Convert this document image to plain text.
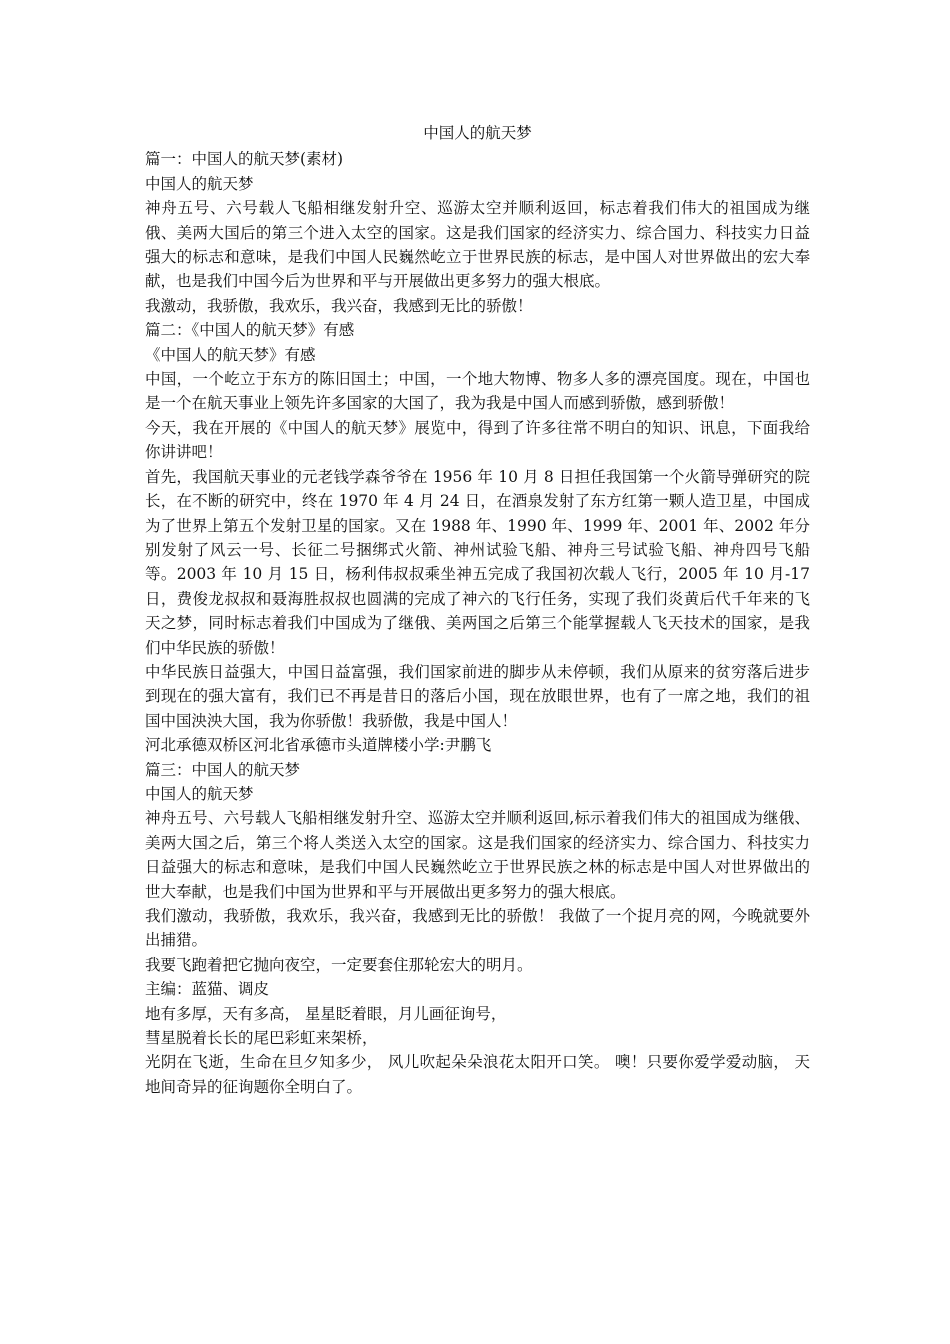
中国人的航天梦

篇一：中国人的航天梦(素材)

中国人的航天梦

神舟五号、六号载人飞船相继发射升空、巡游太空并顺利返回，标志着我们伟大的祖国成为继俄、美两大国后的第三个进入太空的国家。这是我们国家的经济实力、综合国力、科技实力日益强大的标志和意味，是我们中国人民巍然屹立于世界民族的标志，是中国人对世界做出的宏大奉献，也是我们中国今后为世界和平与开展做出更多努力的强大根底。

我激动，我骄傲，我欢乐，我兴奋，我感到无比的骄傲！

篇二：《中国人的航天梦》有感

《中国人的航天梦》有感

中国，一个屹立于东方的陈旧国土；中国，一个地大物博、物多人多的漂亮国度。现在，中国也是一个在航天事业上领先许多国家的大国了，我为我是中国人而感到骄傲，感到骄傲！

今天，我在开展的《中国人的航天梦》展览中，得到了许多往常不明白的知识、讯息，下面我给你讲讲吧！

首先，我国航天事业的元老钱学森爷爷在 1956 年 10 月 8 日担任我国第一个火箭导弹研究的院长，在不断的研究中，终在 1970 年 4 月 24 日，在酒泉发射了东方红第一颗人造卫星，中国成为了世界上第五个发射卫星的国家。又在 1988 年、1990 年、1999 年、2001 年、2002 年分别发射了风云一号、长征二号捆绑式火箭、神州试验飞船、神舟三号试验飞船、神舟四号飞船等。2003 年 10 月 15 日，杨利伟叔叔乘坐神五完成了我国初次载人飞行，2005 年 10 月-17 日，费俊龙叔叔和聂海胜叔叔也圆满的完成了神六的飞行任务，实现了我们炎黄后代千年来的飞天之梦，同时标志着我们中国成为了继俄、美两国之后第三个能掌握载人飞天技术的国家，是我们中华民族的骄傲！

中华民族日益强大，中国日益富强，我们国家前进的脚步从未停顿，我们从原来的贫穷落后进步到现在的强大富有，我们已不再是昔日的落后小国，现在放眼世界，也有了一席之地，我们的祖国中国泱泱大国，我为你骄傲！我骄傲，我是中国人！

河北承德双桥区河北省承德市头道牌楼小学:尹鹏飞

篇三：中国人的航天梦

中国人的航天梦

神舟五号、六号载人飞船相继发射升空、巡游太空并顺利返回,标示着我们伟大的祖国成为继俄、美两大国之后，第三个将人类送入太空的国家。这是我们国家的经济实力、综合国力、科技实力日益强大的标志和意味，是我们中国人民巍然屹立于世界民族之林的标志是中国人对世界做出的世大奉献，也是我们中国为世界和平与开展做出更多努力的强大根底。

我们激动，我骄傲，我欢乐，我兴奋，我感到无比的骄傲！ 我做了一个捉月亮的网，今晚就要外出捕猎。

我要飞跑着把它抛向夜空，一定要套住那轮宏大的明月。

主编：蓝猫、调皮

地有多厚，天有多高， 星星眨着眼，月儿画征询号，

彗星脱着长长的尾巴彩虹来架桥，

光阴在飞逝，生命在旦夕知多少， 风儿吹起朵朵浪花太阳开口笑。 噢！只要你爱学爱动脑， 天地间奇异的征询题你全明白了。
